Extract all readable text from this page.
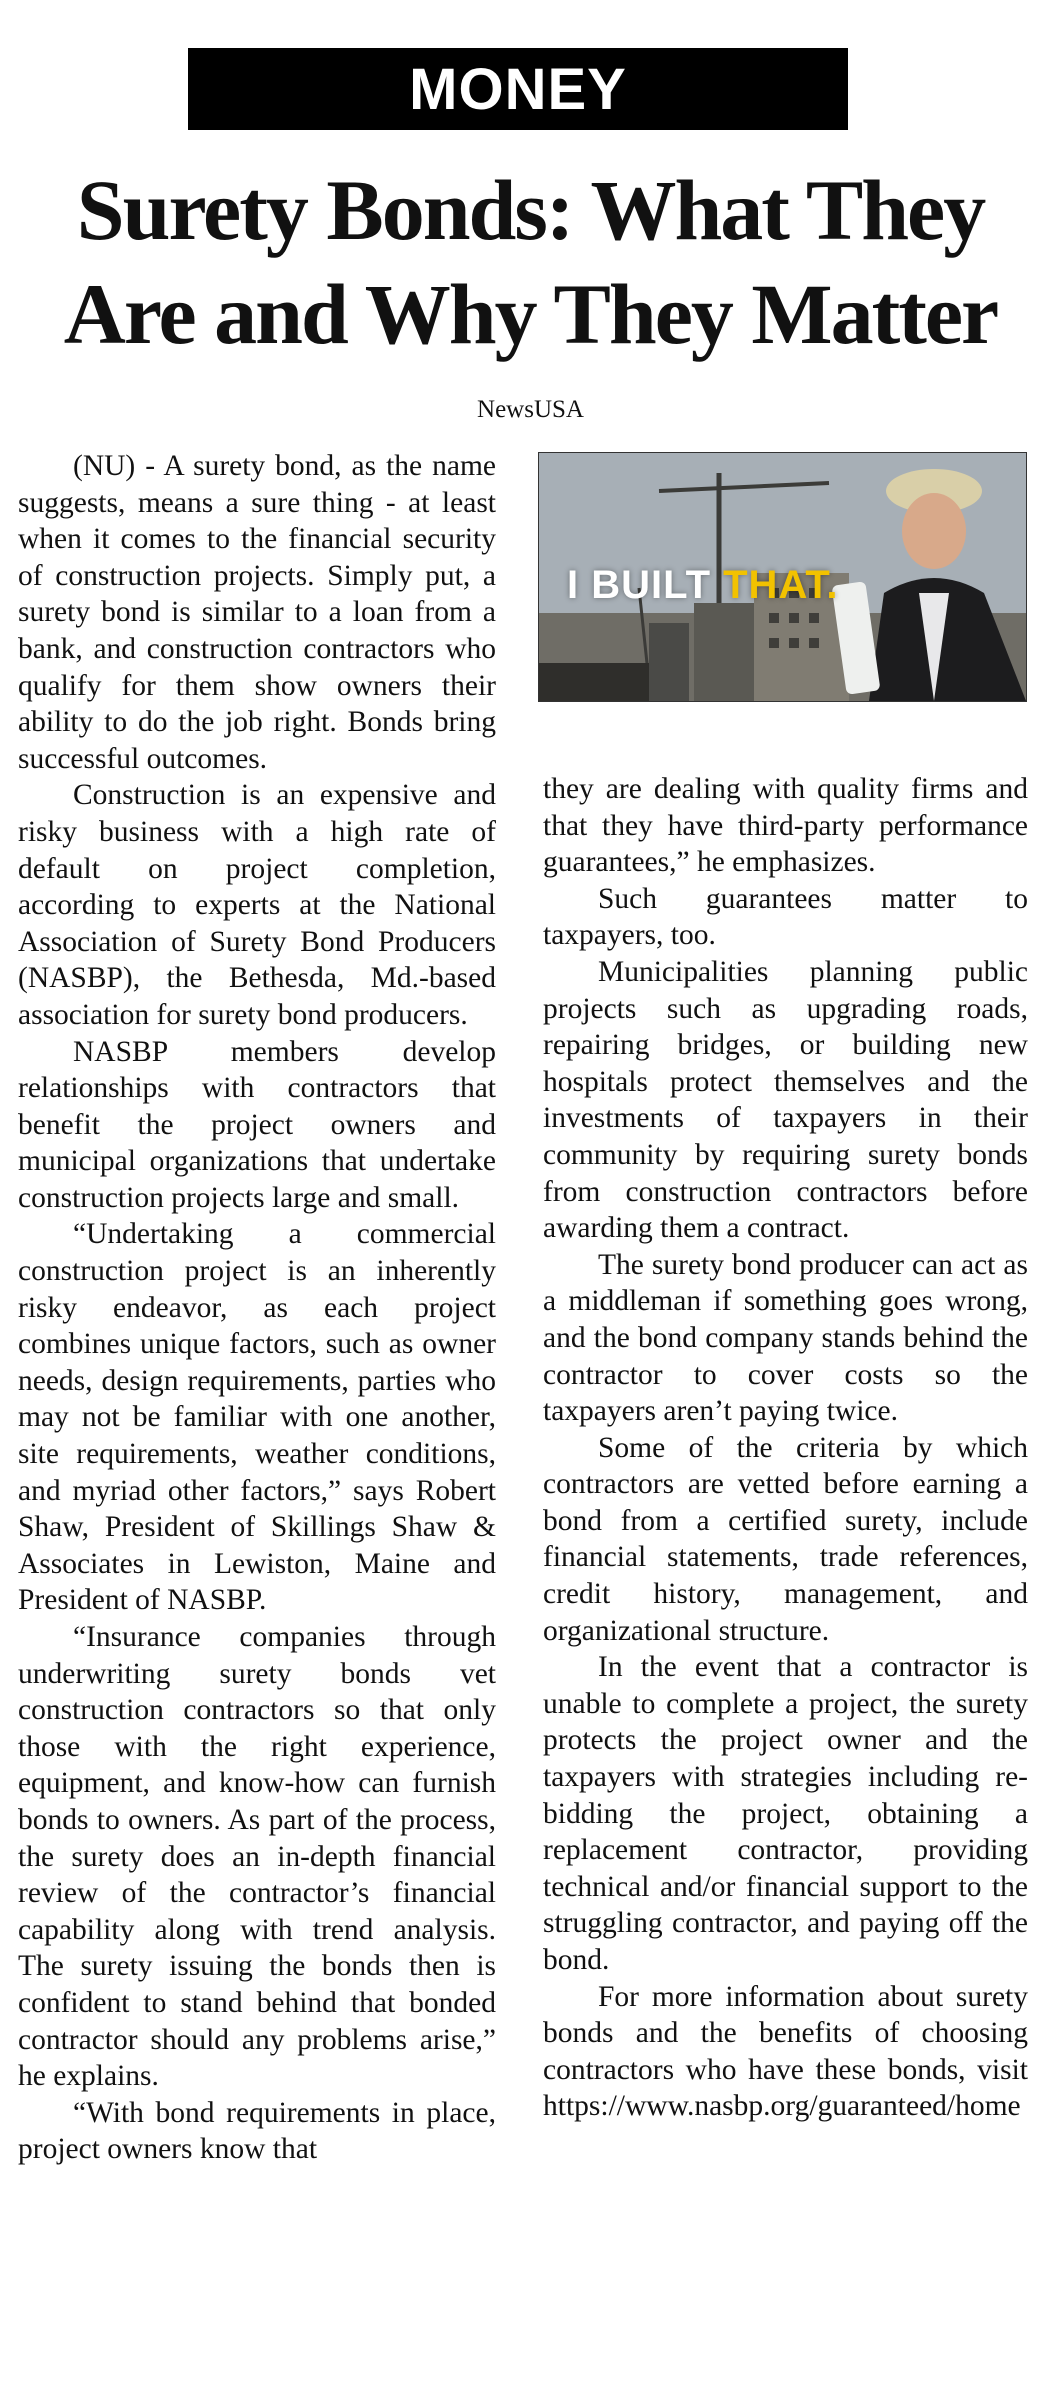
MONEY
Surety Bonds: What They
Are and Why They Matter
NewsUSA

(NU) - A surety bond, as the name suggests, means a sure thing - at least when it comes to the financial security of construction projects. Simply put, a surety bond is similar to a loan from a bank, and construction contractors who qualify for them show owners their ability to do the job right. Bonds bring successful outcomes.

Construction is an expensive and risky business with a high rate of default on project completion, according to experts at the National Association of Surety Bond Producers (NASBP), the Bethesda, Md.-based association for surety bond producers.

NASBP members develop relationships with contractors that benefit the project owners and municipal organizations that undertake construction projects large and small.

“Undertaking a commercial construction project is an inherently risky endeavor, as each project combines unique factors, such as owner needs, design requirements, parties who may not be familiar with one another, site requirements, weather conditions, and myriad other factors,” says Robert Shaw, President of Skillings Shaw & Associates in Lewiston, Maine and President of NASBP.

“Insurance companies through underwriting surety bonds vet construction contractors so that only those with the right experience, equipment, and know-how can furnish bonds to owners. As part of the process, the surety does an in-depth financial review of the contractor’s financial capability along with trend analysis. The surety issuing the bonds then is confident to stand behind that bonded contractor should any problems arise,” he explains.

“With bond requirements in place, project owners know that

I BUILT THAT.

they are dealing with quality firms and that they have third-party performance guarantees,” he emphasizes.

Such guarantees matter to taxpayers, too.

Municipalities planning public projects such as upgrading roads, repairing bridges, or building new hospitals protect themselves and the investments of taxpayers in their community by requiring surety bonds from construction contractors before awarding them a contract.

The surety bond producer can act as a middleman if something goes wrong, and the bond company stands behind the contractor to cover costs so the taxpayers aren’t paying twice.

Some of the criteria by which contractors are vetted before earning a bond from a certified surety, include financial statements, trade references, credit history, management, and organizational structure.

In the event that a contractor is unable to complete a project, the surety protects the project owner and the taxpayers with strategies including re-bidding the project, obtaining a replacement contractor, providing technical and/or financial support to the struggling contractor, and paying off the bond.

For more information about surety bonds and the benefits of choosing contractors who have these bonds, visit https://www.nasbp.org/guaranteed/home
